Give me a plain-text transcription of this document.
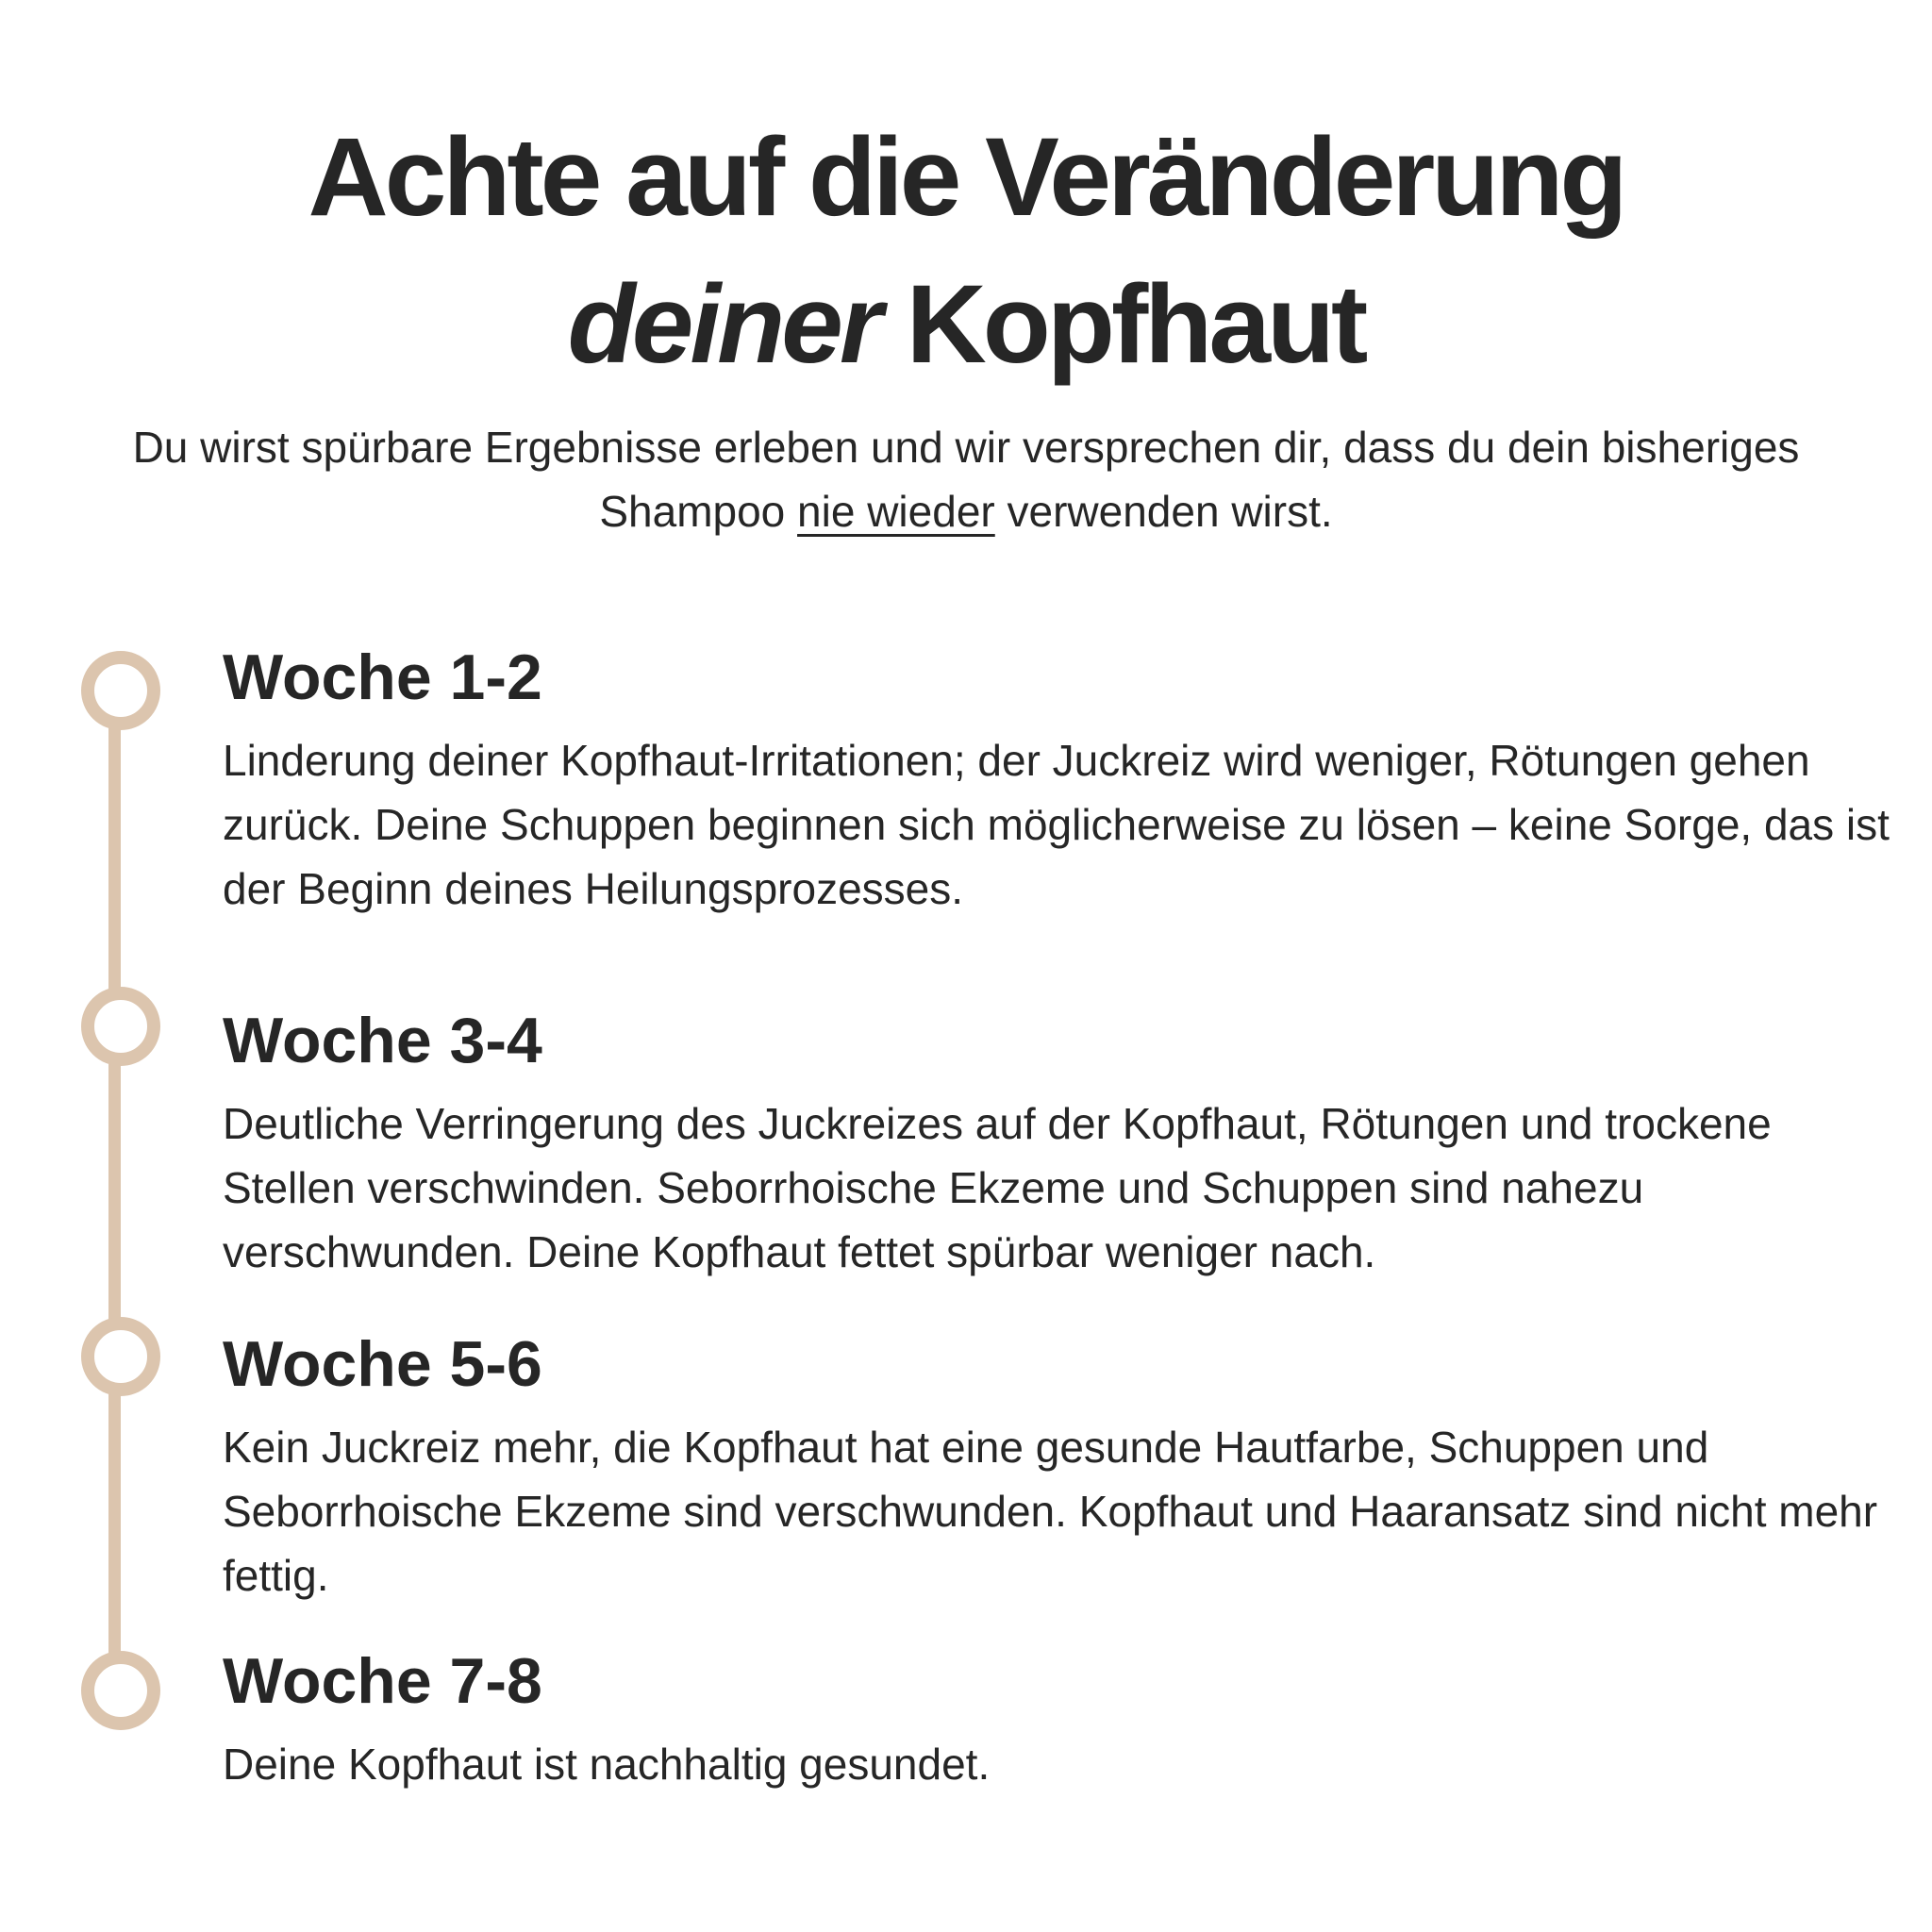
Achte auf die Veränderung
deiner Kopfhaut

Du wirst spürbare Ergebnisse erleben und wir versprechen dir, dass du dein bisheriges Shampoo nie wieder verwenden wirst.

Woche 1-2

Linderung deiner Kopfhaut-Irritationen; der Juckreiz wird weniger, Rötungen gehen zurück. Deine Schuppen beginnen sich möglicherweise zu lösen – keine Sorge, das ist der Beginn deines Heilungsprozesses.

Woche 3-4

Deutliche Verringerung des Juckreizes auf der Kopfhaut, Rötungen und trockene Stellen verschwinden. Seborrhoische Ekzeme und Schuppen sind nahezu verschwunden. Deine Kopfhaut fettet spürbar weniger nach.

Woche 5-6

Kein Juckreiz mehr, die Kopfhaut hat eine gesunde Hautfarbe, Schuppen und Seborrhoische Ekzeme sind verschwunden. Kopfhaut und Haaransatz sind nicht mehr fettig.

Woche 7-8

Deine Kopfhaut ist nachhaltig gesundet.
